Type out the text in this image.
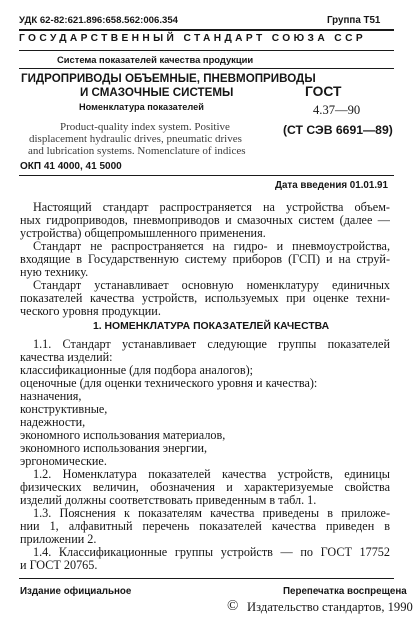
УДК 62-82:621.896:658.562:006.354	Группа Т51
ГОСУДАРСТВЕННЫЙ СТАНДАРТ СОЮЗА ССР
Система показателей качества продукции
ГИДРОПРИВОДЫ ОБЪЕМНЫЕ, ПНЕВМОПРИВОДЫ
И СМАЗОЧНЫЕ СИСТЕМЫ
Номенклатура показателей
ГОСТ
4.37—90
Product-quality index system. Positive
displacement hydraulic drives, pneumatic drives
and lubrication systems. Nomenclature of indices
(СТ СЭВ 6691—89)
ОКП 41 4000, 41 5000
Дата введения 01.01.91
Настоящий стандарт распространяется на устройства объем-
ных гидроприводов, пневмоприводов и смазочных систем (далее —
устройства) общепромышленного применения.
Стандарт не распространяется на гидро- и пневмоустройства,
входящие в Государственную систему приборов (ГСП) и на струй-
ную технику.
Стандарт устанавливает основную номенклатуру единичных
показателей качества устройств, используемых при оценке техни-
ческого уровня продукции.
1. НОМЕНКЛАТУРА ПОКАЗАТЕЛЕЙ КАЧЕСТВА
1.1. Стандарт устанавливает следующие группы показателей
качества изделий:
классификационные (для подбора аналогов);
оценочные (для оценки технического уровня и качества):
назначения,
конструктивные,
надежности,
экономного использования материалов,
экономного использования энергии,
эргономические.
1.2. Номенклатура показателей качества устройств, единицы
физических величин, обозначения и характеризуемые свойства
изделий должны соответствовать приведенным в табл. 1.
1.3. Пояснения к показателям качества приведены в приложе-
нии 1, алфавитный перечень показателей качества приведен в
приложении 2.
1.4. Классификационные группы устройств — по ГОСТ 17752
и ГОСТ 20765.
Издание официальное	Перепечатка воспрещена
© Издательство стандартов, 1990
